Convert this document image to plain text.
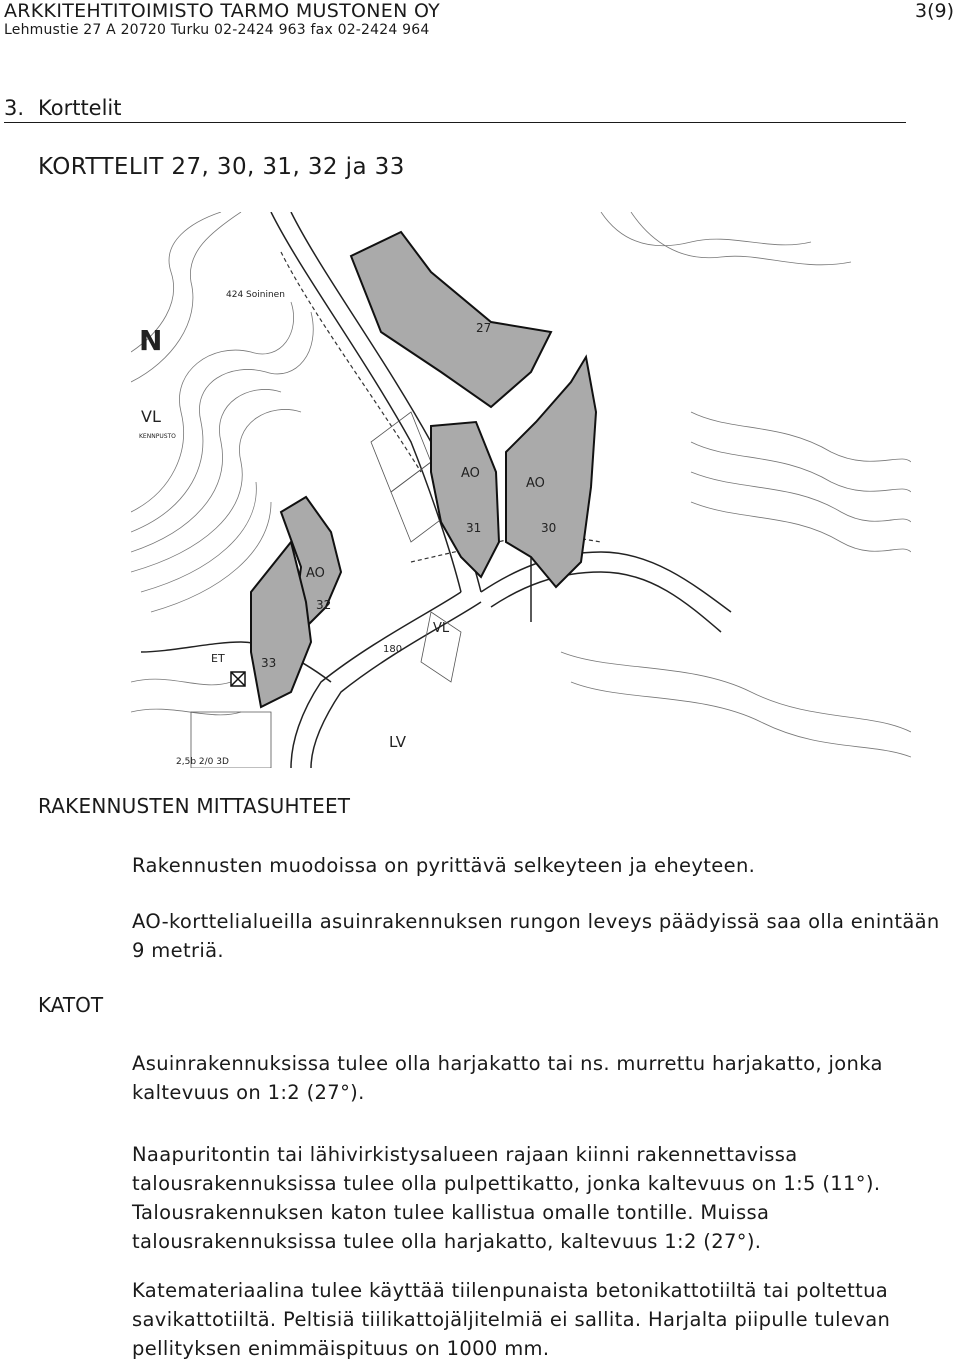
ARKKITEHTITOIMISTO TARMO MUSTONEN OY
Lehmustie 27 A 20720 Turku 02-2424 963 fax 02-2424 964
3(9)
3. Korttelit
KORTTELIT 27, 30, 31, 32 ja 33
424 Soininen
N
VL
KENNPUSTO
AO
AO
AO
27
30
31
32
33
ET
VL
180
LV
2,5b 2/0 3D
RAKENNUSTEN MITTASUHTEET
KATOT

Rakennusten muodoissa on pyrittävä selkeyteen ja eheyteen.

AO-korttelialueilla asuinrakennuksen rungon leveys päädyissä saa olla enintään 9 metriä.

Asuinrakennuksissa tulee olla harjakatto tai ns. murrettu harjakatto, jonka kaltevuus on 1:2 (27°).

Naapuritontin tai lähivirkistysalueen rajaan kiinni rakennettavissa talousrakennuksissa tulee olla pulpettikatto, jonka kaltevuus on 1:5 (11°). Talousrakennuksen katon tulee kallistua omalle tontille. Muissa talousrakennuksissa tulee olla harjakatto, kaltevuus 1:2 (27°).

Katemateriaalina tulee käyttää tiilenpunaista betonikattotiiltä tai poltettua savikattotiiltä. Peltisiä tiilikattojäljitelmiä ei sallita. Harjalta piipulle tulevan pellityksen enimmäispituus on 1000 mm.
